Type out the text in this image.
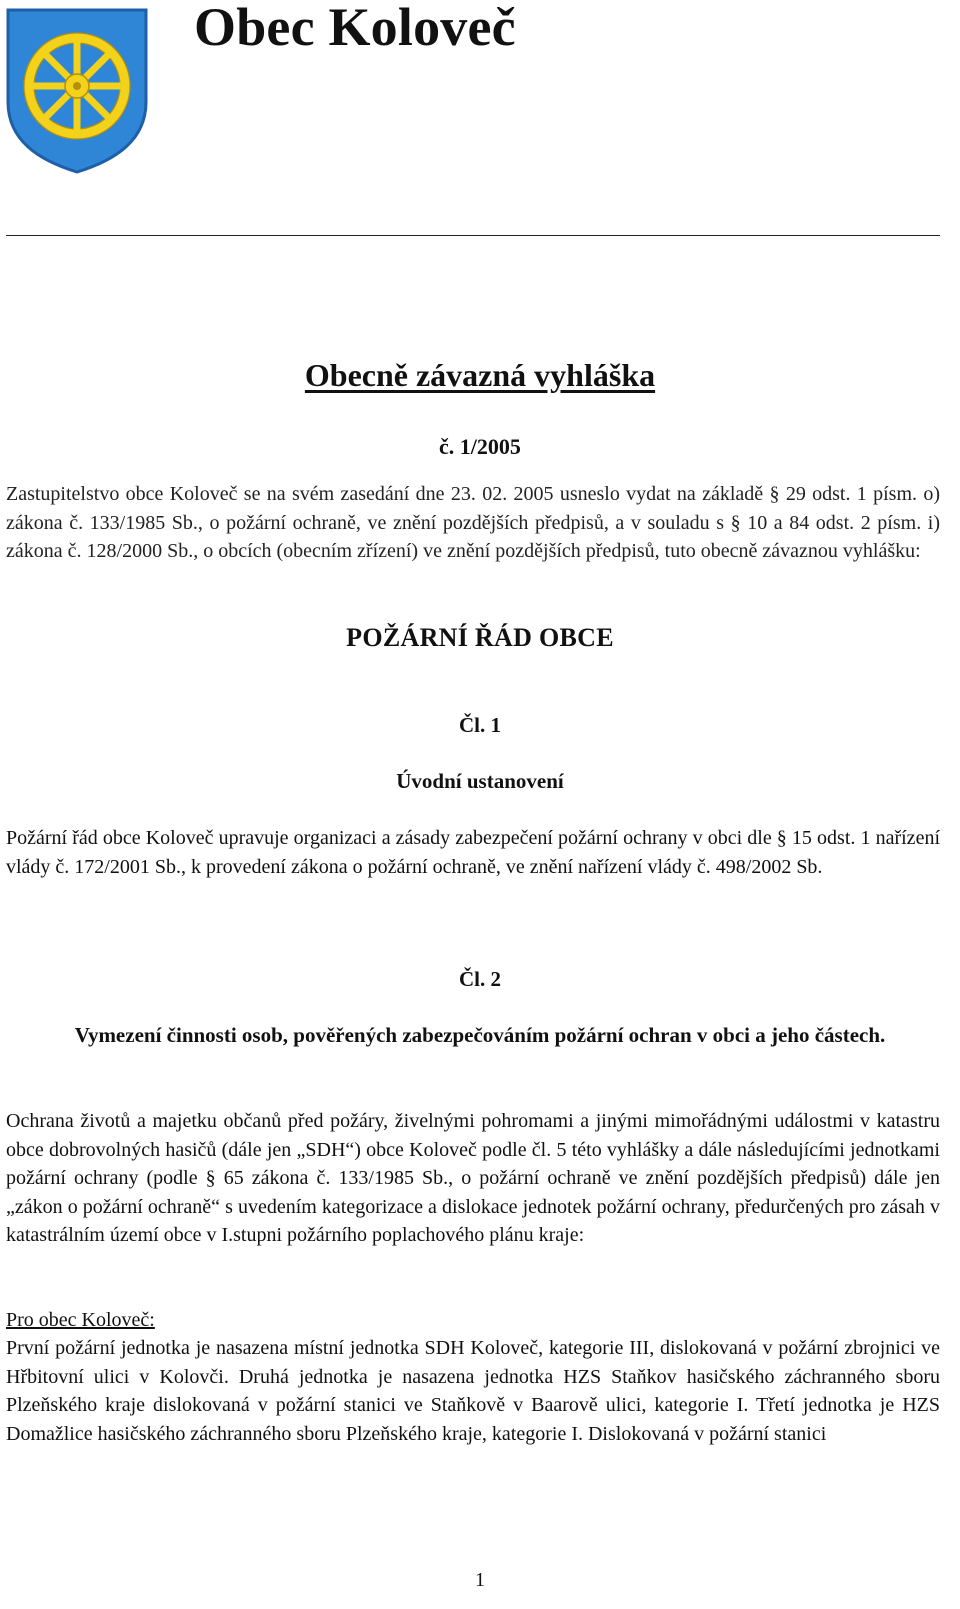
Obec Koloveč
Obecně závazná vyhláška
č. 1/2005

Zastupitelstvo obce Koloveč se na svém zasedání dne 23. 02. 2005 usneslo vydat na základě § 29 odst. 1 písm. o) zákona č. 133/1985 Sb., o požární ochraně, ve znění pozdějších předpisů, a v souladu s § 10 a 84 odst. 2 písm. i) zákona č. 128/2000 Sb., o obcích (obecním zřízení) ve znění pozdějších předpisů, tuto obecně závaznou vyhlášku:

POŽÁRNÍ ŘÁD OBCE
Čl. 1
Úvodní ustanovení

Požární řád obce Koloveč upravuje organizaci a zásady zabezpečení požární ochrany v obci dle § 15 odst. 1 nařízení vlády č. 172/2001 Sb., k provedení zákona o požární ochraně, ve znění nařízení vlády č. 498/2002 Sb.

Čl. 2
Vymezení činnosti osob, pověřených zabezpečováním požární ochran v obci a jeho částech.

Ochrana životů a majetku občanů před požáry, živelnými pohromami a jinými mimořádnými událostmi v katastru obce dobrovolných hasičů (dále jen „SDH“) obce Koloveč podle čl. 5 této vyhlášky a dále následujícími jednotkami požární ochrany (podle § 65 zákona č. 133/1985 Sb., o požární ochraně ve znění pozdějších předpisů) dále jen „zákon o požární ochraně“ s uvedením kategorizace a dislokace jednotek požární ochrany, předurčených pro zásah v katastrálním území obce v I.stupni požárního poplachového plánu kraje:

Pro obec Koloveč:

První požární jednotka je nasazena místní jednotka SDH Koloveč, kategorie III, dislokovaná v požární zbrojnici ve Hřbitovní ulici v Kolovči. Druhá jednotka je nasazena jednotka HZS Staňkov hasičského záchranného sboru Plzeňského kraje dislokovaná v požární stanici ve Staňkově v Baarově ulici, kategorie I. Třetí jednotka je HZS Domažlice hasičského záchranného sboru Plzeňského kraje, kategorie I. Dislokovaná v požární stanici

1
